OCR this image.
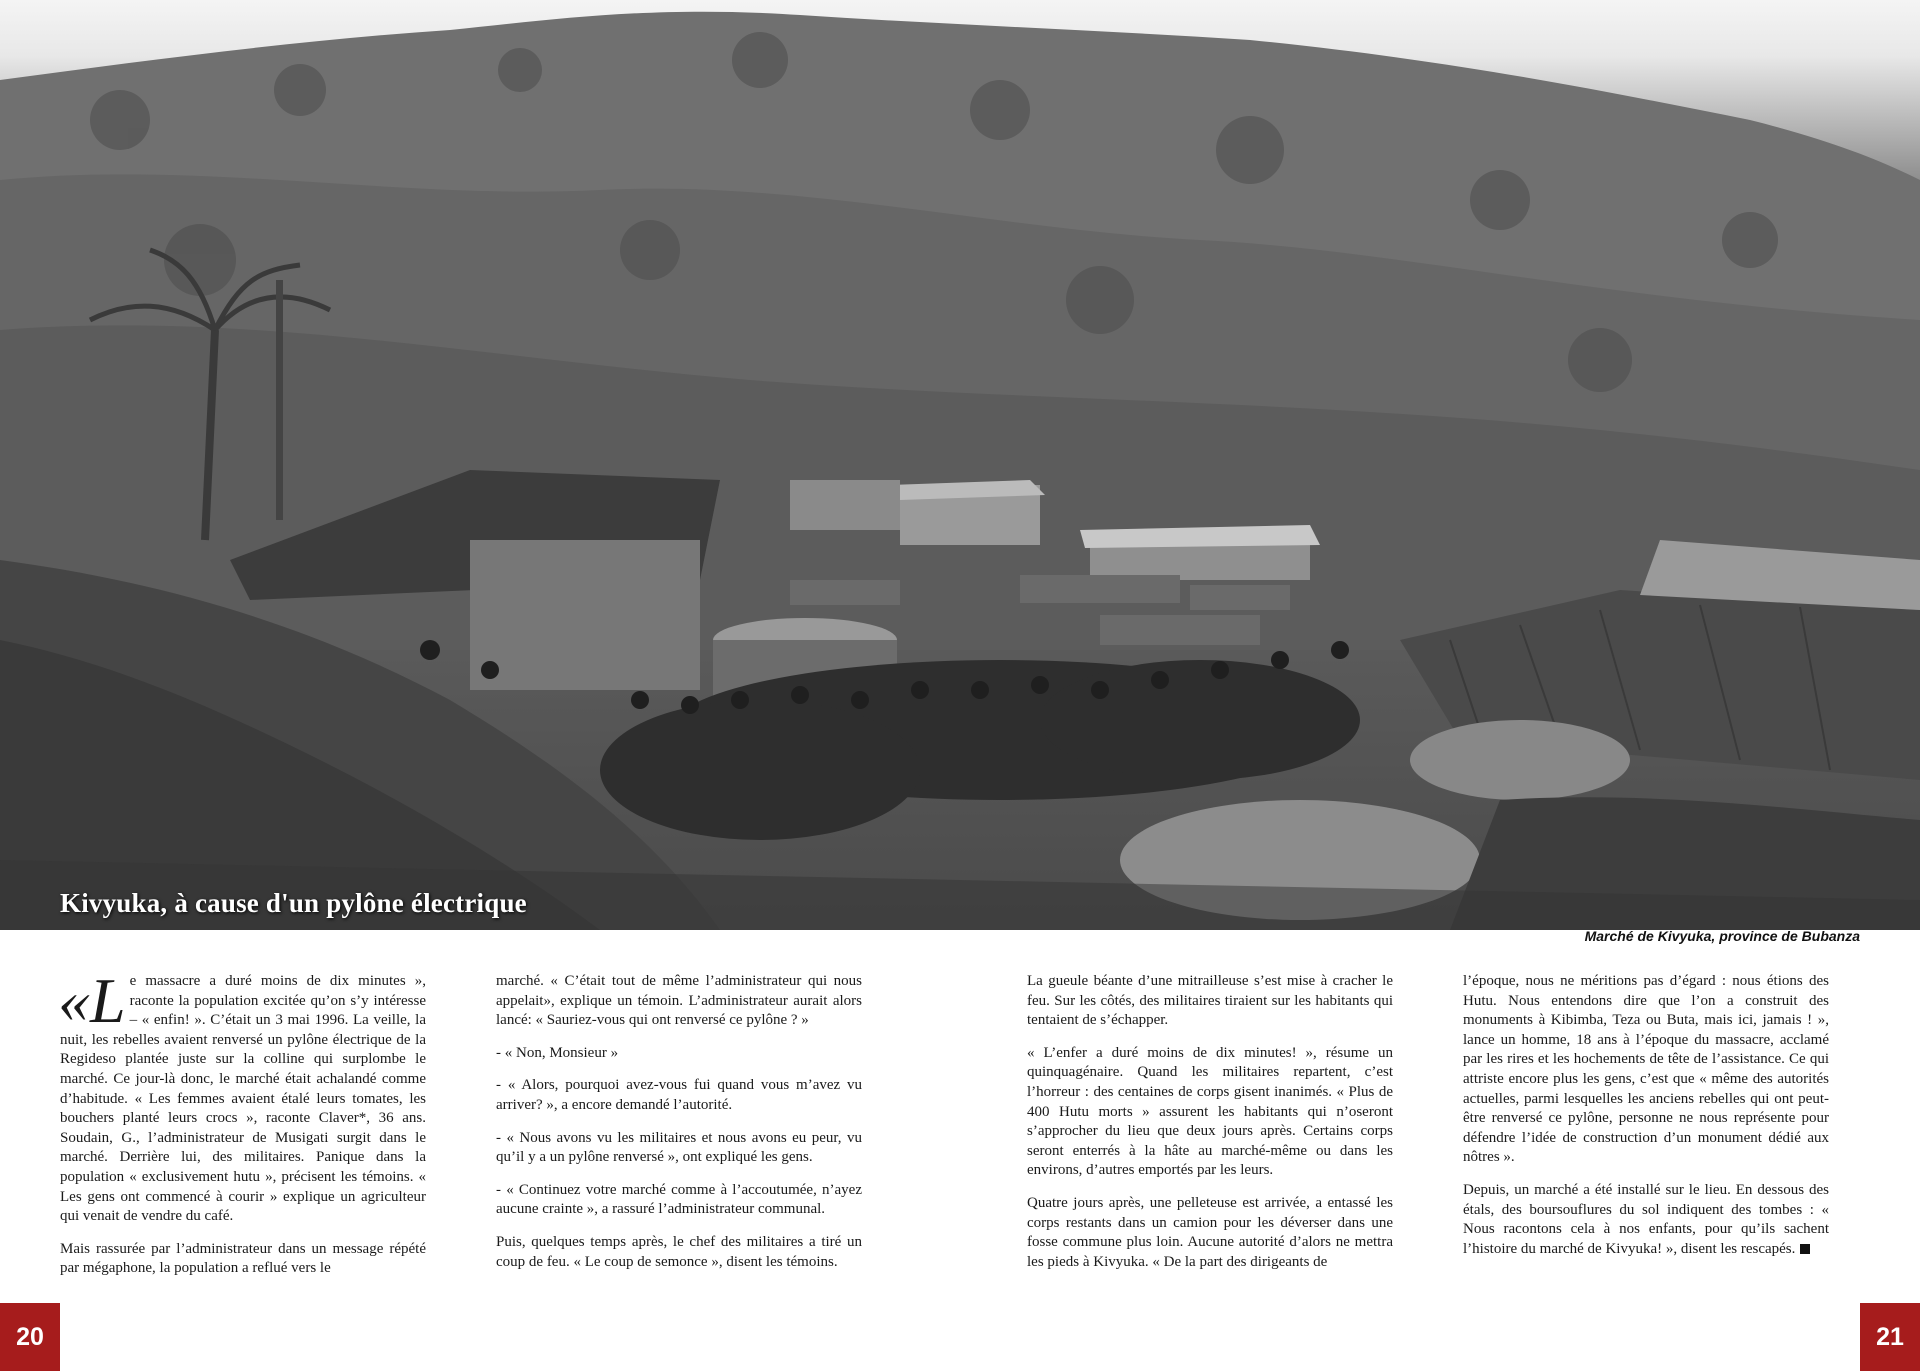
Kivyuka, à cause d'un pylône électrique
Marché de Kivyuka, province de Bubanza

«Le massacre a duré moins de dix minutes », raconte la population excitée qu’on s’y intéresse – « enfin! ». C’était un 3 mai 1996. La veille, la nuit, les rebelles avaient renversé un pylône électrique de la Regideso plantée juste sur la colline qui surplombe le marché. Ce jour-là donc, le marché était achalandé comme d’habitude. « Les femmes avaient étalé leurs tomates, les bouchers planté leurs crocs », raconte Claver*, 36 ans. Soudain, G., l’administrateur de Musigati surgit dans le marché. Derrière lui, des militaires. Panique dans la population « exclusivement hutu », précisent les témoins. « Les gens ont commencé à courir » explique un agriculteur qui venait de vendre du café.

Mais rassurée par l’administrateur dans un message répété par mégaphone, la population a reflué vers le

marché. « C’était tout de même l’administrateur qui nous appelait», explique un témoin. L’administrateur aurait alors lancé: « Sauriez-vous qui ont renversé ce pylône ? »

- « Non, Monsieur »

- « Alors, pourquoi avez-vous fui quand vous m’avez vu arriver? », a encore demandé l’autorité.

- « Nous avons vu les militaires et nous avons eu peur, vu qu’il y a un pylône renversé », ont expliqué les gens.

- « Continuez votre marché comme à l’accoutumée, n’ayez aucune crainte », a rassuré l’administrateur communal.

Puis, quelques temps après, le chef des militaires a tiré un coup de feu. « Le coup de semonce », disent les témoins.

La gueule béante d’une mitrailleuse s’est mise à cracher le feu. Sur les côtés, des militaires tiraient sur les habitants qui tentaient de s’échapper.

« L’enfer a duré moins de dix minutes! », résume un quinquagénaire. Quand les militaires repartent, c’est l’horreur : des centaines de corps gisent inanimés. « Plus de 400 Hutu morts » assurent les habitants qui n’oseront s’approcher du lieu que deux jours après. Certains corps seront enterrés à la hâte au marché-même ou dans les environs, d’autres emportés par les leurs.

Quatre jours après, une pelleteuse est arrivée, a entassé les corps restants dans un camion pour les déverser dans une fosse commune plus loin. Aucune autorité d’alors ne mettra les pieds à Kivyuka. « De la part des dirigeants de

l’époque, nous ne méritions pas d’égard : nous étions des Hutu. Nous entendons dire que l’on a construit des monuments à Kibimba, Teza ou Buta, mais ici, jamais ! », lance un homme, 18 ans à l’époque du massacre, acclamé par les rires et les hochements de tête de l’assistance. Ce qui attriste encore plus les gens, c’est que « même des autorités actuelles, parmi lesquelles les anciens rebelles qui ont peut-être renversé ce pylône, personne ne nous représente pour défendre l’idée de construction d’un monument dédié aux nôtres ».

Depuis, un marché a été installé sur le lieu. En dessous des étals, des boursouflures du sol indiquent des tombes : « Nous racontons cela à nos enfants, pour qu’ils sachent l’histoire du marché de Kivyuka! », disent les rescapés.

20	21
